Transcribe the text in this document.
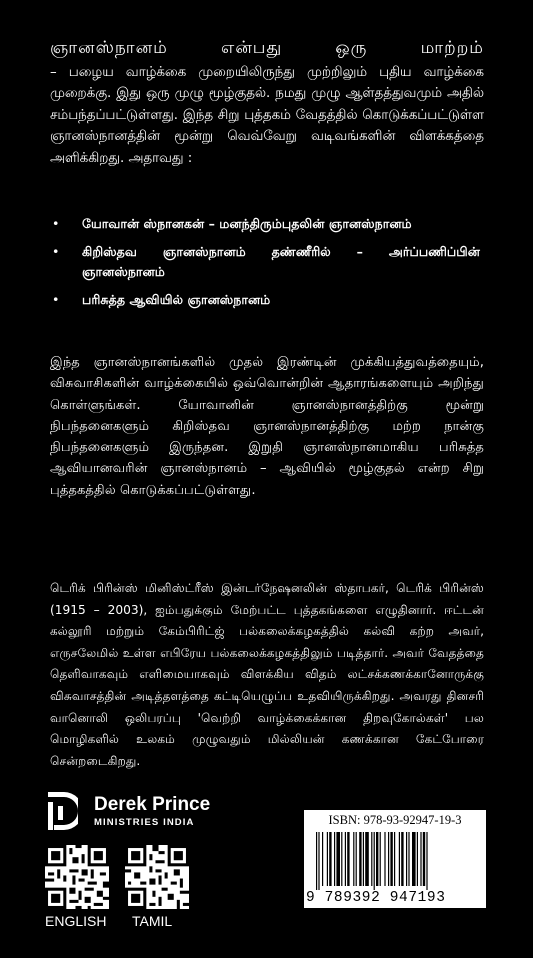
ஞானஸ்நானம் என்பது ஒரு மாற்றம்
– பழைய வாழ்க்கை முறையிலிருந்து முற்றிலும் புதிய வாழ்க்கை முறைக்கு. இது ஒரு முழு மூழ்குதல். நமது முழு ஆள்தத்துவமும் அதில் சம்பந்தப்பட்டுள்ளது. இந்த சிறு புத்தகம் வேதத்தில் கொடுக்கப்பட்டுள்ள ஞானஸ்நானத்தின் மூன்று வெவ்வேறு வடிவங்களின் விளக்கத்தை அளிக்கிறது. அதாவது :
• யோவான் ஸ்நானகன் – மனந்திரும்புதலின் ஞானஸ்நானம்
• கிறிஸ்தவ ஞானஸ்நானம் தண்ணீரில் – அர்ப்பணிப்பின் ஞானஸ்நானம்
• பரிசுத்த ஆவியில் ஞானஸ்நானம்
இந்த ஞானஸ்நானங்களில் முதல் இரண்டின் முக்கியத்துவத்தையும், விசுவாசிகளின் வாழ்க்கையில் ஒவ்வொன்றின் ஆதாரங்களையும் அறிந்து கொள்ளுங்கள். யோவானின் ஞானஸ்நானத்திற்கு மூன்று நிபந்தனைகளும் கிறிஸ்தவ ஞானஸ்நானத்திற்கு மற்ற நான்கு நிபந்தனைகளும் இருந்தன. இறுதி ஞானஸ்நானமாகிய பரிசுத்த ஆவியானவரின் ஞானஸ்நானம் – ஆவியில் மூழ்குதல் என்ற சிறு புத்தகத்தில் கொடுக்கப்பட்டுள்ளது.
டெரிக் பிரின்ஸ் மினிஸ்ட்ரீஸ் இன்டர்நேஷனலின் ஸ்தாபகர், டெரிக் பிரின்ஸ் (1915 – 2003), ஐம்பதுக்கும் மேற்பட்ட புத்தகங்களை எழுதினார். ஈட்டன் கல்லூரி மற்றும் கேம்பிரிட்ஜ் பல்கலைக்கழகத்தில் கல்வி கற்ற அவர், எருசலேமில் உள்ள எபிரேய பல்கலைக்கழகத்திலும் படித்தார். அவர் வேதத்தை தெளிவாகவும் எளிமையாகவும் விளக்கிய விதம் லட்சக்கணக்கானோருக்கு விசுவாசத்தின் அடித்தளத்தை கட்டியெழுப்ப உதவியிருக்கிறது. அவரது தினசரி வானொலி ஒலிபரப்பு 'வெற்றி வாழ்க்கைக்கான திறவுகோல்கள்' பல மொழிகளில் உலகம் முழுவதும் மில்லியன் கணக்கான கேட்போரை சென்றடைகிறது.
Derek Prince
MINISTRIES INDIA
ENGLISH TAMIL
ISBN: 978-93-92947-19-3
9 789392 947193
